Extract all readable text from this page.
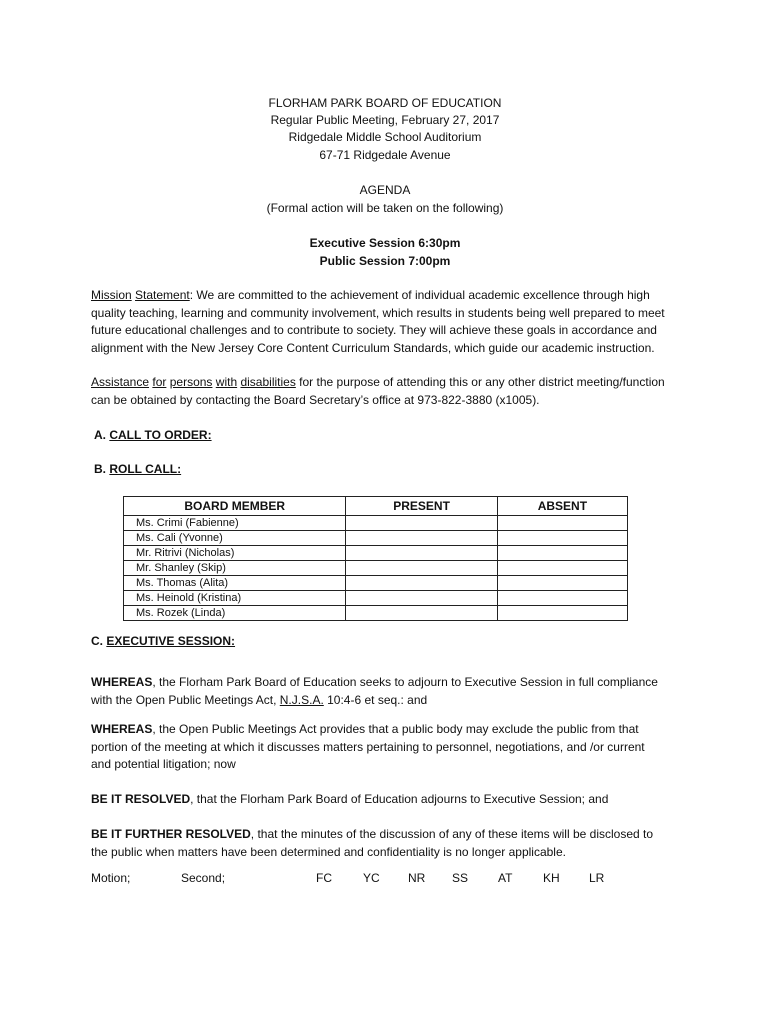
FLORHAM PARK BOARD OF EDUCATION
Regular Public Meeting, February 27, 2017
Ridgedale Middle School Auditorium
67-71 Ridgedale Avenue
AGENDA
(Formal action will be taken on the following)
Executive Session 6:30pm
Public Session 7:00pm
Mission Statement: We are committed to the achievement of individual academic excellence through high
quality teaching, learning and community involvement, which results in students being well prepared to meet
future educational challenges and to contribute to society. They will achieve these goals in accordance and
alignment with the New Jersey Core Content Curriculum Standards, which guide our academic instruction.
Assistance for persons with disabilities for the purpose of attending this or any other district meeting/function
can be obtained by contacting the Board Secretary’s office at 973-822-3880 (x1005).
A. CALL TO ORDER:
B. ROLL CALL:
BOARD MEMBER	PRESENT	ABSENT
Ms. Crimi (Fabienne)		
Ms. Cali (Yvonne)		
Mr. Ritrivi (Nicholas)		
Mr. Shanley (Skip)		
Ms. Thomas (Alita)		
Ms. Heinold (Kristina)		
Ms. Rozek (Linda)		
C. EXECUTIVE SESSION:
WHEREAS, the Florham Park Board of Education seeks to adjourn to Executive Session in full compliance
with the Open Public Meetings Act, N.J.S.A. 10:4-6 et seq.: and
WHEREAS, the Open Public Meetings Act provides that a public body may exclude the public from that
portion of the meeting at which it discusses matters pertaining to personnel, negotiations, and /or current
and potential litigation; now
BE IT RESOLVED, that the Florham Park Board of Education adjourns to Executive Session; and
BE IT FURTHER RESOLVED, that the minutes of the discussion of any of these items will be disclosed to
the public when matters have been determined and confidentiality is no longer applicable.
Motion;	Second;	FC	YC NR SS AT	KH LR
